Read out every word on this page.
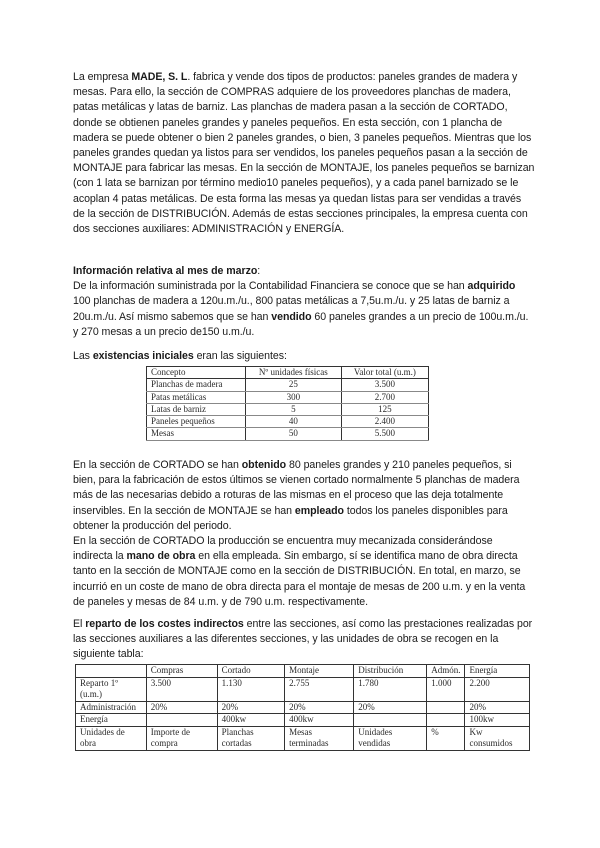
La empresa MADE, S. L. fabrica y vende dos tipos de productos: paneles grandes de madera y mesas. Para ello, la sección de COMPRAS adquiere de los proveedores planchas de madera, patas metálicas y latas de barniz. Las planchas de madera pasan a la sección de CORTADO, donde se obtienen paneles grandes y paneles pequeños. En esta sección, con 1 plancha de madera se puede obtener o bien 2 paneles grandes, o bien, 3 paneles pequeños. Mientras que los paneles grandes quedan ya listos para ser vendidos, los paneles pequeños pasan a la sección de MONTAJE para fabricar las mesas. En la sección de MONTAJE, los paneles pequeños se barnizan (con 1 lata se barnizan por término medio10 paneles pequeños), y a cada panel barnizado se le acoplan 4 patas metálicas. De esta forma las mesas ya quedan listas para ser vendidas a través de la sección de DISTRIBUCIÓN. Además de estas secciones principales, la empresa cuenta con dos secciones auxiliares: ADMINISTRACIÓN y ENERGÍA.
Información relativa al mes de marzo:
De la información suministrada por la Contabilidad Financiera se conoce que se han adquirido 100 planchas de madera a 120u.m./u., 800 patas metálicas a 7,5u.m./u. y 25 latas de barniz a 20u.m./u. Así mismo sabemos que se han vendido 60 paneles grandes a un precio de 100u.m./u. y 270 mesas a un precio de150 u.m./u.
Las existencias iniciales eran las siguientes:
Concepto	Nº unidades físicas	Valor total (u.m.)
Planchas de madera	25	3.500
Patas metálicas	300	2.700
Latas de barniz	5	125
Paneles pequeños	40	2.400
Mesas	50	5.500
En la sección de CORTADO se han obtenido 80 paneles grandes y 210 paneles pequeños, si bien, para la fabricación de estos últimos se vienen cortado normalmente 5 planchas de madera más de las necesarias debido a roturas de las mismas en el proceso que las deja totalmente inservibles. En la sección de MONTAJE se han empleado todos los paneles disponibles para obtener la producción del periodo.
En la sección de CORTADO la producción se encuentra muy mecanizada considerándose indirecta la mano de obra en ella empleada. Sin embargo, sí se identifica mano de obra directa tanto en la sección de MONTAJE como en la sección de DISTRIBUCIÓN. En total, en marzo, se incurrió en un coste de mano de obra directa para el montaje de mesas de 200 u.m. y en la venta de paneles y mesas de 84 u.m. y de 790 u.m. respectivamente.
El reparto de los costes indirectos entre las secciones, así como las prestaciones realizadas por las secciones auxiliares a las diferentes secciones, y las unidades de obra se recogen en la siguiente tabla:
	Compras	Cortado	Montaje	Distribución	Admón.	Energía
Reparto 1º (u.m.)	3.500	1.130	2.755	1.780	1.000	2.200
Administración	20%	20%	20%	20%		20%
Energía		400kw	400kw			100kw
Unidades de obra	Importe de compra	Planchas cortadas	Mesas terminadas	Unidades vendidas	%	Kw consumidos
